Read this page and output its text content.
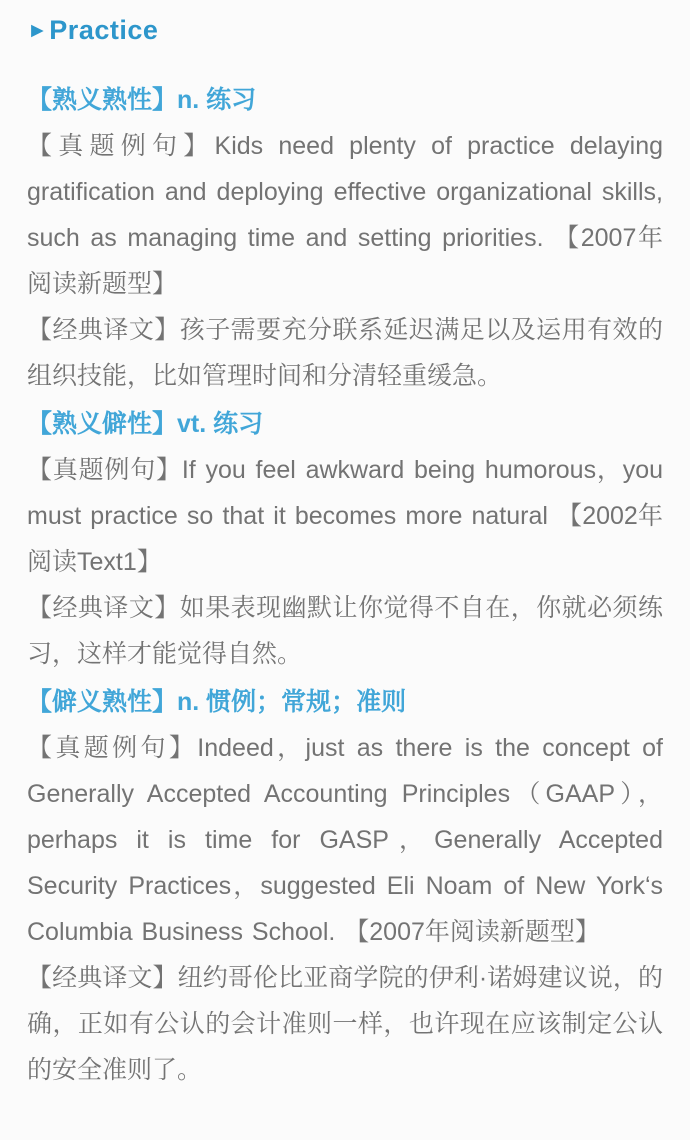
►Practice
【熟义熟性】n. 练习

【真题例句】Kids need plenty of practice delaying gratification and deploying effective organizational skills, such as managing time and setting priorities. 【2007年阅读新题型】

【经典译文】孩子需要充分联系延迟满足以及运用有效的组织技能，比如管理时间和分清轻重缓急。

【熟义僻性】vt. 练习

【真题例句】If you feel awkward being humorous，you must practice so that it becomes more natural 【2002年阅读Text1】

【经典译文】如果表现幽默让你觉得不自在，你就必须练习，这样才能觉得自然。

【僻义熟性】n. 惯例；常规；准则

【真题例句】Indeed，just as there is the concept of Generally Accepted Accounting Principles（GAAP），perhaps it is time for GASP，Generally Accepted Security Practices，suggested Eli Noam of New York‘s Columbia Business School. 【2007年阅读新题型】

【经典译文】纽约哥伦比亚商学院的伊利·诺姆建议说，的确，正如有公认的会计准则一样，也许现在应该制定公认的安全准则了。
